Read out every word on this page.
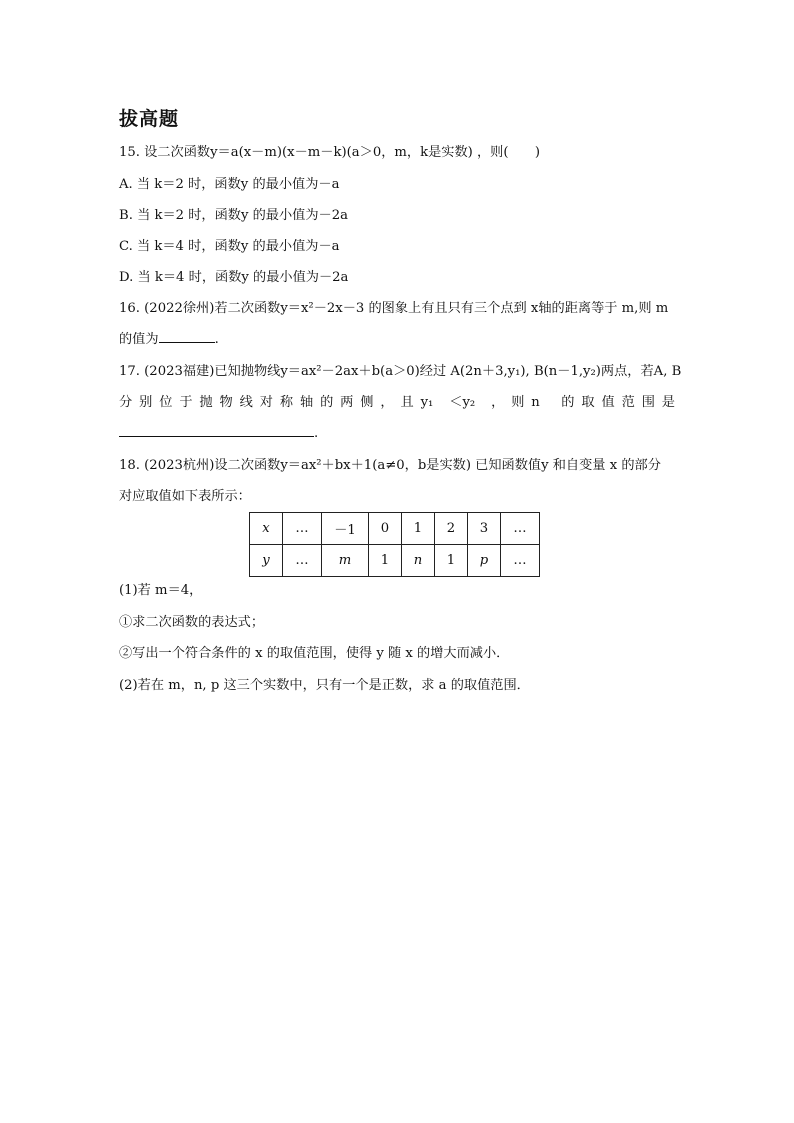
拔高题
15. 设二次函数y＝a(x－m)(x－m－k)(a＞0，m，k是实数) ，则(　　)
A. 当 k＝2 时，函数y 的最小值为－a
B. 当 k＝2 时，函数y 的最小值为－2a
C. 当 k＝4 时，函数y 的最小值为－a
D. 当 k＝4 时，函数y 的最小值为－2a
16. (2022徐州)若二次函数y＝x²－2x－3 的图象上有且只有三个点到 x轴的距离等于 m,则 m
的值为	.
17. (2023福建)已知抛物线y＝ax²－2ax＋b(a＞0)经过 A(2n＋3,y₁), B(n－1,y₂)两点，若A, B
分 别 位 于 抛 物 线 对 称 轴 的 两 侧 ， 且 y₁　＜y₂　， 则 n　 的 取 值 范 围 是
.
18. (2023杭州)设二次函数y＝ax²＋bx＋1(a≠0，b是实数) 已知函数值y 和自变量 x 的部分
对应取值如下表所示：
x	…	－1	0	1	2	3	…
y	…	m	1	n	1	p	…
(1)若 m＝4，
①求二次函数的表达式；
②写出一个符合条件的 x 的取值范围，使得 y 随 x 的增大而减小．
(2)若在 m，n, p 这三个实数中，只有一个是正数，求 a 的取值范围．
